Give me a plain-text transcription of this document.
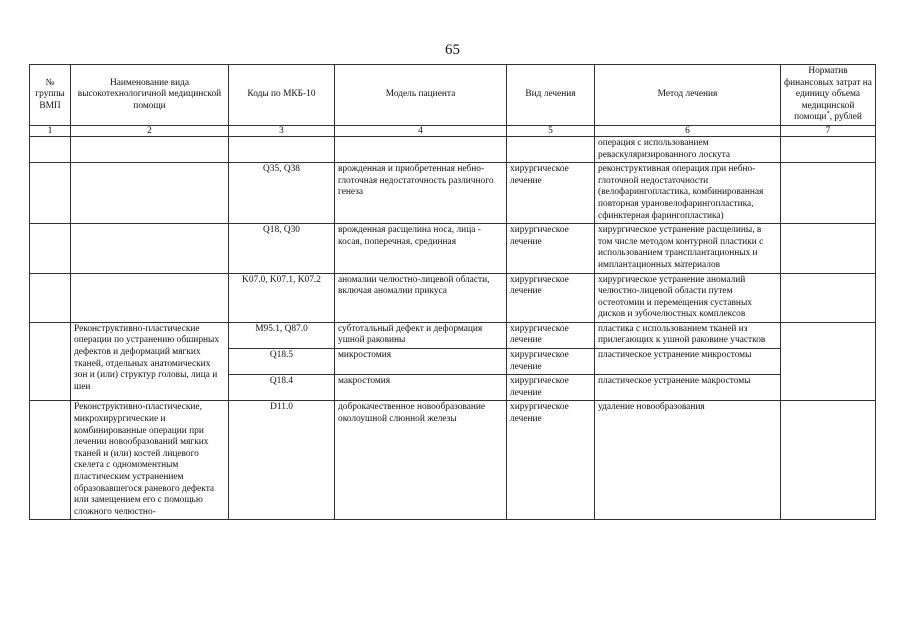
65
№ группы ВМП	Наименование вида высокотехнологичной медицинской помощи	Коды по МКБ-10	Модель пациента	Вид лечения	Метод лечения	Норматив финансовых затрат на единицу объема медицинской помощи*, рублей
1	2	3	4	5	6	7
					операция с использованием реваскуляризированного лоскута	
		Q35, Q38	врожденная и приобретенная небно-глоточная недостаточность различного генеза	хирургическое лечение	реконструктивная операция при небно-глоточной недостаточности (велофарингопластика, комбинированная повторная урановелофарингопластика, сфинктерная фарингопластика)	
		Q18, Q30	врожденная расщелина носа, лица - косая, поперечная, срединная	хирургическое лечение	хирургическое устранение расщелины, в том числе методом контурной пластики с использованием трансплантационных и имплантационных материалов	
		K07.0, K07.1, K07.2	аномалии челюстно-лицевой области, включая аномалии прикуса	хирургическое лечение	хирургическое устранение аномалий челюстно-лицевой области путем остеотомии и перемещения суставных дисков и зубочелюстных комплексов	
	Реконструктивно-пластические операции по устранению обширных дефектов и деформаций мягких тканей, отдельных анатомических зон и (или) структур головы, лица и шеи	M95.1, Q87.0	субтотальный дефект и деформация ушной раковины	хирургическое лечение	пластика с использованием тканей из прилегающих к ушной раковине участков	
		Q18.5	микростомия	хирургическое лечение	пластическое устранение микростомы	
		Q18.4	макростомия	хирургическое лечение	пластическое устранение макростомы	
	Реконструктивно-пластические, микрохирургические и комбинированные операции при лечении новообразований мягких тканей и (или) костей лицевого скелета с одномоментным пластическим устранением образовавшегося раневого дефекта или замещением его с помощью сложного челюстно-	D11.0	доброкачественное новообразование околоушной слюнной железы	хирургическое лечение	удаление новообразования	
